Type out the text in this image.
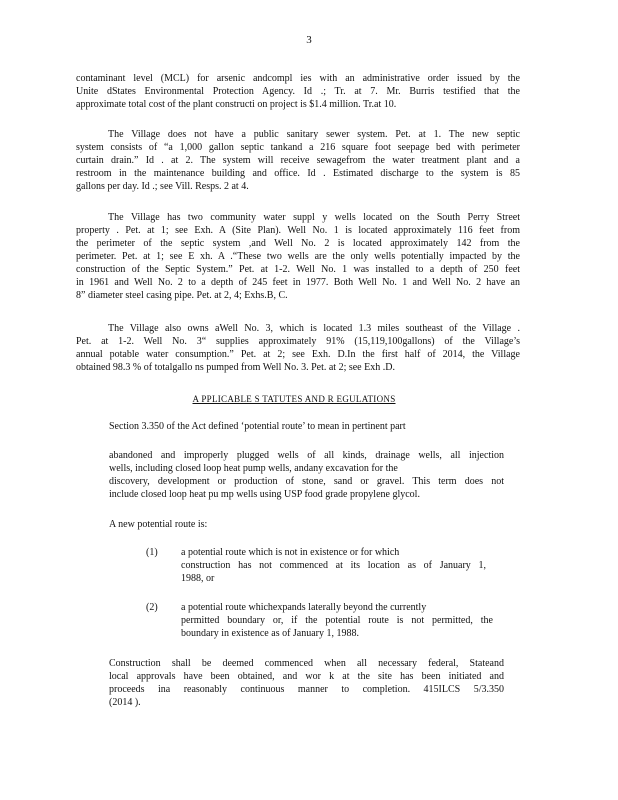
3
contaminant level (MCL) for arsenic andcompl ies with an administrative order issued by the
Unite dStates Environmental Protection Agency. Id .; Tr. at 7. Mr. Burris testified that the
approximate total cost of the plant constructi on project is $1.4 million. Tr.at 10.
The Village does not have a public sanitary sewer system. Pet. at 1. The new septic
system consists of “a 1,000 gallon septic tankand a 216 square foot seepage bed with perimeter
curtain drain.” Id . at 2. The system will receive sewagefrom the water treatment plant and a
restroom in the maintenance building and office. Id . Estimated discharge to the system is 85
gallons per day. Id .; see Vill. Resps. 2 at 4.
The Village has two community water suppl y wells located on the South Perry Street
property . Pet. at 1; see Exh. A (Site Plan). Well No. 1 is located approximately 116 feet from
the perimeter of the septic system ,and Well No. 2 is located approximately 142 from the
perimeter. Pet. at 1; see E xh. A .“These two wells are the only wells potentially impacted by the
construction of the Septic System.” Pet. at 1-2. Well No. 1 was installed to a depth of 250 feet
in 1961 and Well No. 2 to a depth of 245 feet in 1977. Both Well No. 1 and Well No. 2 have an
8” diameter steel casing pipe. Pet. at 2, 4; Exhs.B, C.
The Village also owns aWell No. 3, which is located 1.3 miles southeast of the Village .
Pet. at 1-2. Well No. 3“ supplies approximately 91% (15,119,100gallons) of the Village’s
annual potable water consumption.” Pet. at 2; see Exh. D.In the first half of 2014, the Village
obtained 98.3 % of totalgallo ns pumped from Well No. 3. Pet. at 2; see Exh .D.
A PPLICABLE S TATUTES AND R EGULATIONS
Section 3.350 of the Act defined ‘potential route’ to mean in pertinent part
abandoned and improperly plugged wells of all kinds, drainage wells, all injection
wells, including closed loop heat pump wells, andany excavation for the
discovery, development or production of stone, sand or gravel. This term does not
include closed loop heat pu mp wells using USP food grade propylene glycol.
A new potential route is:
(1)	a potential route which is not in existence or for which
construction has not commenced at its location as of January 1,
1988, or
(2)	a potential route whichexpands laterally beyond the currently
permitted boundary or, if the potential route is not permitted, the
boundary in existence as of January 1, 1988.
Construction shall be deemed commenced when all necessary federal, Stateand
local approvals have been obtained, and wor k at the site has been initiated and
proceeds ina reasonably continuous manner to completion. 415ILCS 5/3.350
(2014 ).
